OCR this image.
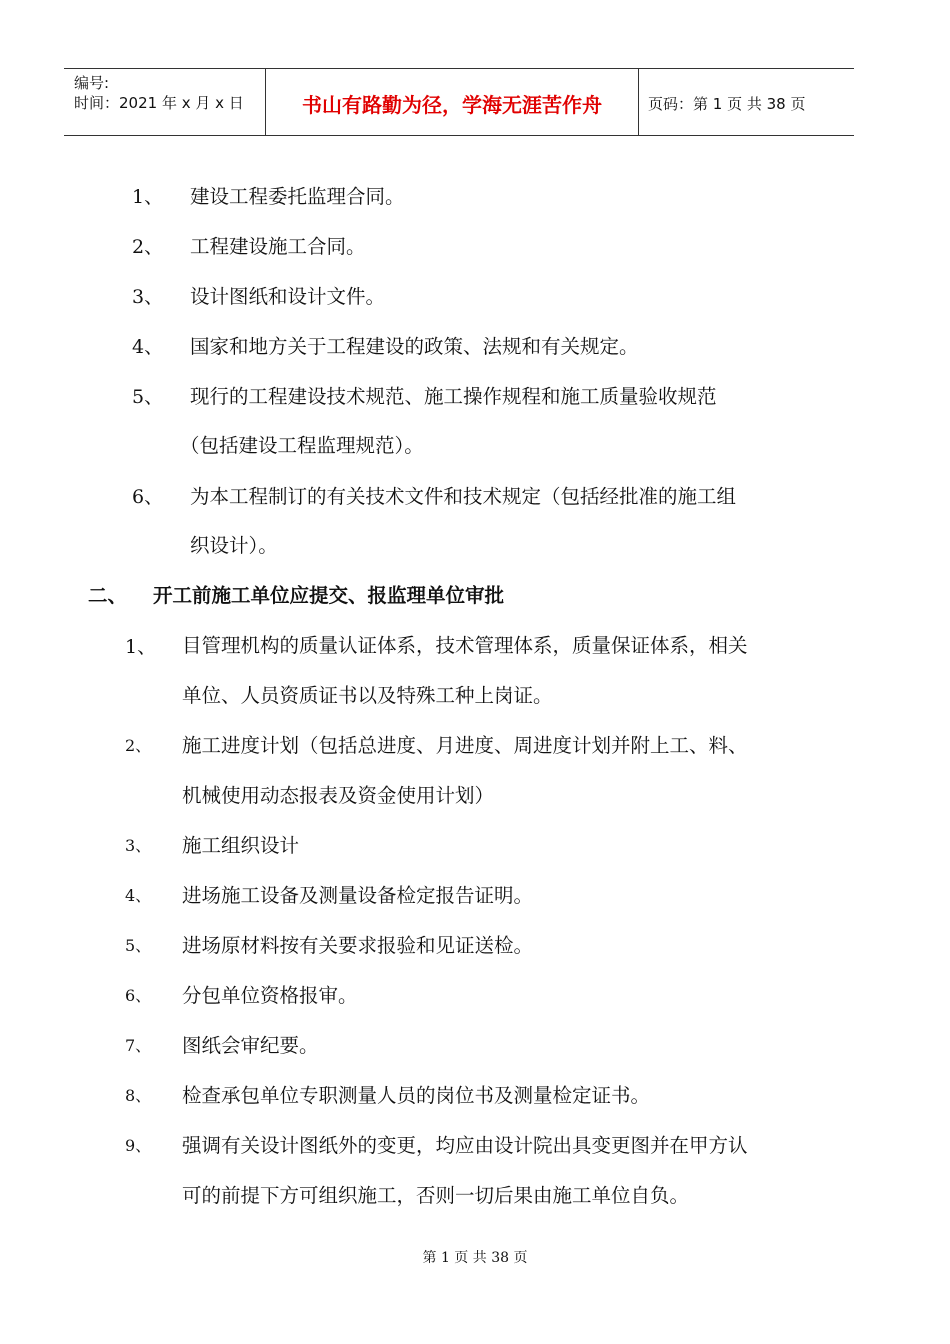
编号:
时间：2021 年 x 月 x 日	书山有路勤为径，学海无涯苦作舟	页码：第 1 页 共 38 页
1、 建设工程委托监理合同。
2、 工程建设施工合同。
3、 设计图纸和设计文件。
4、 国家和地方关于工程建设的政策、法规和有关规定。
5、 现行的工程建设技术规范、施工操作规程和施工质量验收规范
（包括建设工程监理规范）。
6、 为本工程制订的有关技术文件和技术规定（包括经批准的施工组
织设计）。
二、 开工前施工单位应提交、报监理单位审批
1、 目管理机构的质量认证体系，技术管理体系，质量保证体系，相关
单位、人员资质证书以及特殊工种上岗证。
2、 施工进度计划（包括总进度、月进度、周进度计划并附上工、料、
机械使用动态报表及资金使用计划）
3、 施工组织设计
4、 进场施工设备及测量设备检定报告证明。
5、 进场原材料按有关要求报验和见证送检。
6、 分包单位资格报审。
7、 图纸会审纪要。
8、 检查承包单位专职测量人员的岗位书及测量检定证书。
9、 强调有关设计图纸外的变更，均应由设计院出具变更图并在甲方认
可的前提下方可组织施工，否则一切后果由施工单位自负。
第 1 页 共 38 页
